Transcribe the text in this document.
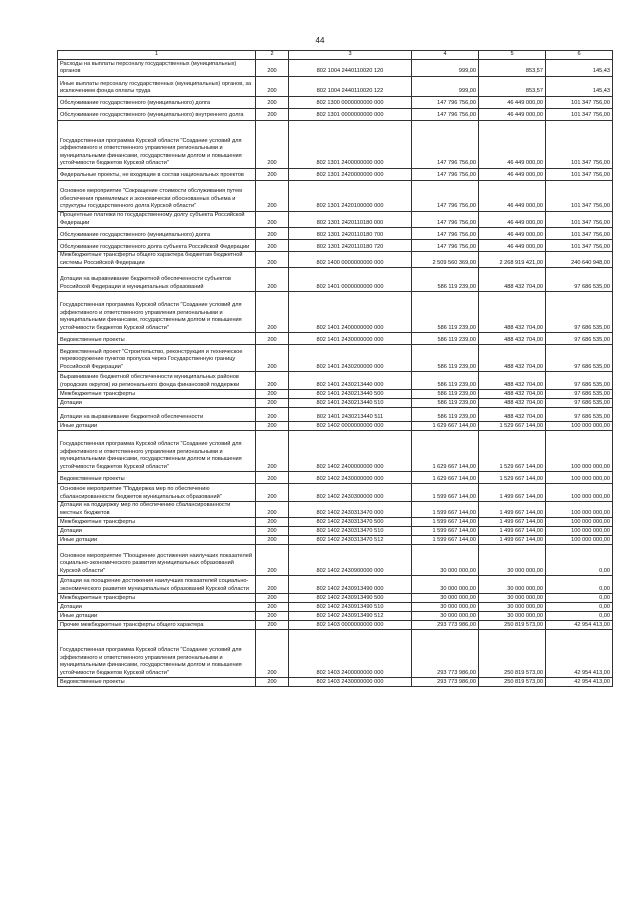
44
1	2	3	4	5	6
Расходы на выплаты персоналу государственных (муниципальных) органов	200	802 1004 2440110020 120	999,00	853,57	145,43
Иные выплаты персоналу государственных (муниципальных) органов, за исключением фонда оплаты труда	200	802 1004 2440110020 122	999,00	853,57	145,43
Обслуживание государственного (муниципального) долга	200	802 1300 0000000000 000	147 796 756,00	46 449 000,00	101 347 756,00
Обслуживание государственного (муниципального) внутреннего долга	200	802 1301 0000000000 000	147 796 756,00	46 449 000,00	101 347 756,00
Государственная программа Курской области "Создание условий для эффективного и ответственного управления региональными и муниципальными финансами, государственным долгом и повышения устойчивости бюджетов Курской области"	200	802 1301 2400000000 000	147 796 756,00	46 449 000,00	101 347 756,00
Федеральные проекты, не входящие в состав национальных проектов	200	802 1301 2420000000 000	147 796 756,00	46 449 000,00	101 347 756,00
Основное мероприятие "Сокращение стоимости обслуживания путем обеспечения приемлемых и экономически обоснованных объема и структуры государственного долга Курской области"	200	802 1301 2420100000 000	147 796 756,00	46 449 000,00	101 347 756,00
Процентные платежи по государственному долгу субъекта Российской Федерации	200	802 1301 2420110180 000	147 796 756,00	46 449 000,00	101 347 756,00
Обслуживание государственного (муниципального) долга	200	802 1301 2420110180 700	147 796 756,00	46 449 000,00	101 347 756,00
Обслуживание государственного долга субъекта Российской Федерации	200	802 1301 2420110180 720	147 796 756,00	46 449 000,00	101 347 756,00
Межбюджетные трансферты общего характера бюджетам бюджетной системы Российской Федерации	200	802 1400 0000000000 000	2 509 560 369,00	2 268 919 421,00	240 640 948,00
Дотации на выравнивание бюджетной обеспеченности субъектов Российской Федерации и муниципальных образований	200	802 1401 0000000000 000	586 119 239,00	488 432 704,00	97 686 535,00
Государственная программа Курской области "Создание условий для эффективного и ответственного управления региональными и муниципальными финансами, государственным долгом и повышения устойчивости бюджетов Курской области"	200	802 1401 2400000000 000	586 119 239,00	488 432 704,00	97 686 535,00
Ведомственные проекты	200	802 1401 2430000000 000	586 119 239,00	488 432 704,00	97 686 535,00
Ведомственный проект "Строительство, реконструкция и техническое перевооружение пунктов пропуска через Государственную границу Российской Федерации"	200	802 1401 2430200000 000	586 119 239,00	488 432 704,00	97 686 535,00
Выравнивание бюджетной обеспеченности муниципальных районов (городских округов) из регионального фонда финансовой поддержки	200	802 1401 2430213440 000	586 119 239,00	488 432 704,00	97 686 535,00
Межбюджетные трансферты	200	802 1401 2430213440 500	586 119 239,00	488 432 704,00	97 686 535,00
Дотации	200	802 1401 2430213440 510	586 119 239,00	488 432 704,00	97 686 535,00
Дотации на выравнивание бюджетной обеспеченности	200	802 1401 2430213440 511	586 119 239,00	488 432 704,00	97 686 535,00
Иные дотации	200	802 1402 0000000000 000	1 629 667 144,00	1 529 667 144,00	100 000 000,00
Государственная программа Курской области "Создание условий для эффективного и ответственного управления региональными и муниципальными финансами, государственным долгом и повышения устойчивости бюджетов Курской области"	200	802 1402 2400000000 000	1 629 667 144,00	1 529 667 144,00	100 000 000,00
Ведомственные проекты	200	802 1402 2430000000 000	1 629 667 144,00	1 529 667 144,00	100 000 000,00
Основное мероприятие "Поддержка мер по обеспечению сбалансированности бюджетов муниципальных образований"	200	802 1402 2430300000 000	1 599 667 144,00	1 499 667 144,00	100 000 000,00
Дотации на поддержку мер по обеспечению сбалансированности местных бюджетов	200	802 1402 2430313470 000	1 599 667 144,00	1 499 667 144,00	100 000 000,00
Межбюджетные трансферты	200	802 1402 2430313470 500	1 599 667 144,00	1 499 667 144,00	100 000 000,00
Дотации	200	802 1402 2430313470 510	1 599 667 144,00	1 499 667 144,00	100 000 000,00
Иные дотации	200	802 1402 2430313470 512	1 599 667 144,00	1 499 667 144,00	100 000 000,00
Основное мероприятие "Поощрение достижения наилучших показателей социально-экономического развития муниципальных образований Курской области"	200	802 1402 2430900000 000	30 000 000,00	30 000 000,00	0,00
Дотации на поощрение достижения наилучших показателей социально-экономического развития муниципальных образований Курской области	200	802 1402 2430913490 000	30 000 000,00	30 000 000,00	0,00
Межбюджетные трансферты	200	802 1402 2430913490 500	30 000 000,00	30 000 000,00	0,00
Дотации	200	802 1402 2430913490 510	30 000 000,00	30 000 000,00	0,00
Иные дотации	200	802 1402 2430913490 512	30 000 000,00	30 000 000,00	0,00
Прочие межбюджетные трансферты общего характера	200	802 1403 0000000000 000	293 773 986,00	250 819 573,00	42 954 413,00
Государственная программа Курской области "Создание условий для эффективного и ответственного управления региональными и муниципальными финансами, государственным долгом и повышения устойчивости бюджетов Курской области"	200	802 1403 2400000000 000	293 773 986,00	250 819 573,00	42 954 413,00
Ведомственные проекты	200	802 1403 2430000000 000	293 773 986,00	250 819 573,00	42 954 413,00
